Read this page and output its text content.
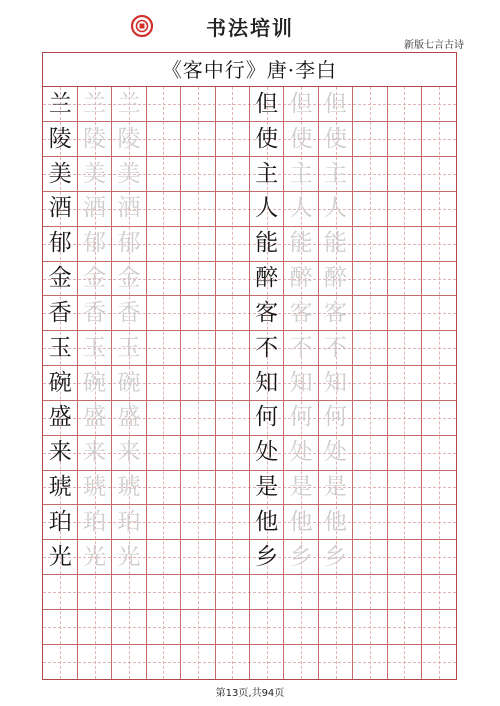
书法培训
新版七言古诗
《客中行》唐·李白
兰 兰 兰
陵 陵 陵
美 美 美
酒 酒 酒
郁 郁 郁
金 金 金
香 香 香
玉 玉 玉
碗 碗 碗
盛 盛 盛
来 来 来
琥 琥 琥
珀 珀 珀
光 光 光
但 但 但
使 使 使
主 主 主
人 人 人
能 能 能
醉 醉 醉
客 客 客
不 不 不
知 知 知
何 何 何
处 处 处
是 是 是
他 他 他
乡 乡 乡
第13页,共94页
